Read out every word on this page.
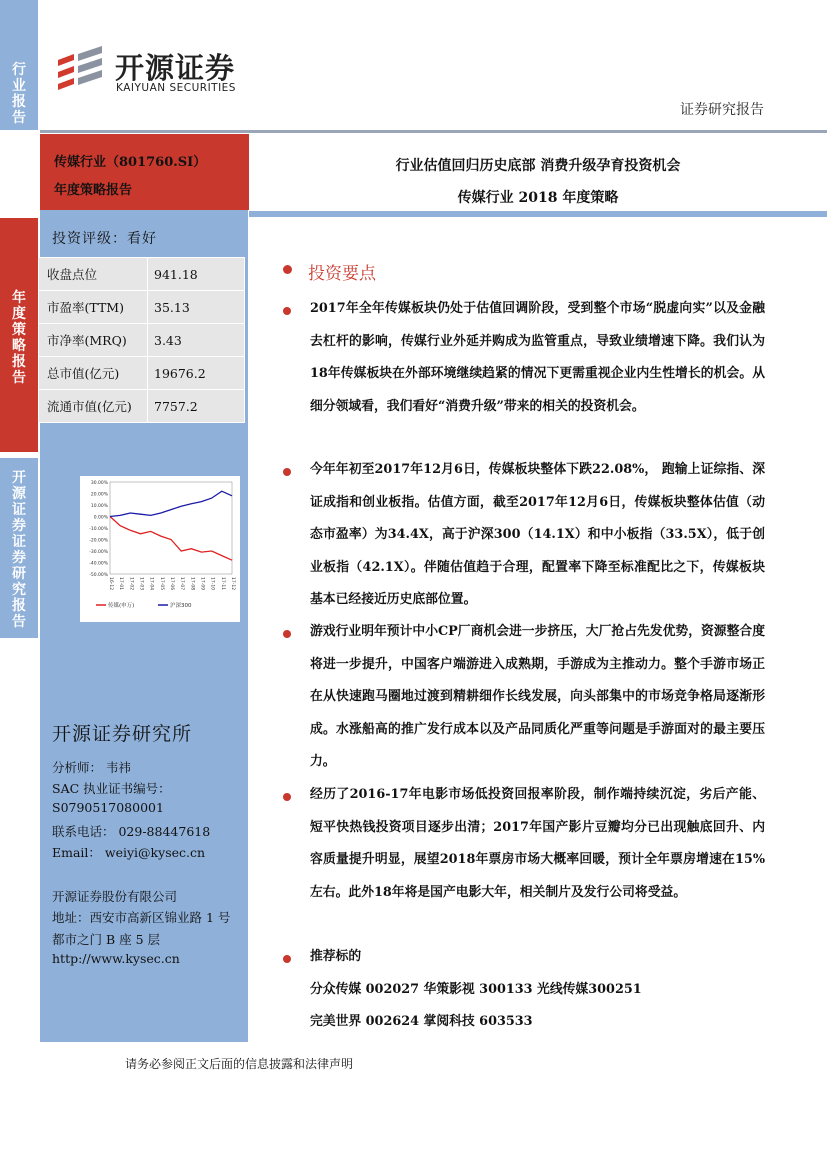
行业报告
年度策略报告
开源证券证券研究报告
开源证券
KAIYUAN SECURITIES
证券研究报告
传媒行业（801760.SI）
年度策略报告
行业估值回归历史底部 消费升级孕育投资机会
传媒行业 2018 年度策略
投资评级：看好
收盘点位	941.18
市盈率(TTM)	35.13
市净率(MRQ)	3.43
总市值(亿元)	19676.2
流通市值(亿元)	7757.2
30.00%
20.00%
10.00%
0.00%
-10.00%
-20.00%
-30.00%
-40.00%
-50.00%
16-12 17-01 17-02 17-03 17-04 17-05 17-06 17-07 17-08 17-09 17-10 17-11 17-12
传媒(申万)	沪深300
开源证券研究所
分析师： 韦祎
SAC 执业证书编号：
S0790517080001
联系电话： 029-88447618
Email： weiyi@kysec.cn
开源证券股份有限公司
地址：西安市高新区锦业路 1 号
都市之门 B 座 5 层
http://www.kysec.cn
投资要点
2017年全年传媒板块仍处于估值回调阶段，受到整个市场“脱虚向实”以及金融去杠杆的影响，传媒行业外延并购成为监管重点，导致业绩增速下降。我们认为18年传媒板块在外部环境继续趋紧的情况下更需重视企业内生性增长的机会。从细分领域看，我们看好“消费升级”带来的相关的投资机会。
今年年初至2017年12月6日，传媒板块整体下跌22.08%， 跑输上证综指、深证成指和创业板指。估值方面，截至2017年12月6日，传媒板块整体估值（动态市盈率）为34.4X，高于沪深300（14.1X）和中小板指（33.5X），低于创业板指（42.1X）。伴随估值趋于合理，配置率下降至标准配比之下，传媒板块基本已经接近历史底部位置。
游戏行业明年预计中小CP厂商机会进一步挤压，大厂抢占先发优势，资源整合度将进一步提升，中国客户端游进入成熟期，手游成为主推动力。整个手游市场正在从快速跑马圈地过渡到精耕细作长线发展，向头部集中的市场竞争格局逐渐形成。水涨船高的推广发行成本以及产品同质化严重等问题是手游面对的最主要压力。
经历了2016-17年电影市场低投资回报率阶段，制作端持续沉淀，劣后产能、短平快热钱投资项目逐步出清；2017年国产影片豆瓣均分已出现触底回升、内容质量提升明显，展望2018年票房市场大概率回暖，预计全年票房增速在15%左右。此外18年将是国产电影大年，相关制片及发行公司将受益。
推荐标的
分众传媒 002027 华策影视 300133 光线传媒300251
完美世界 002624 掌阅科技 603533
请务必参阅正文后面的信息披露和法律声明
